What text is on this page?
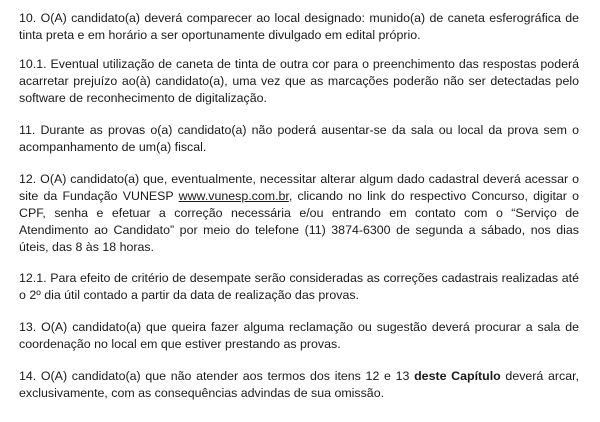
10. O(A) candidato(a) deverá comparecer ao local designado: munido(a) de caneta esferográfica de tinta preta e em horário a ser oportunamente divulgado em edital próprio.

10.1. Eventual utilização de caneta de tinta de outra cor para o preenchimento das respostas poderá acarretar prejuízo ao(à) candidato(a), uma vez que as marcações poderão não ser detectadas pelo software de reconhecimento de digitalização.

11. Durante as provas o(a) candidato(a) não poderá ausentar-se da sala ou local da prova sem o acompanhamento de um(a) fiscal.

12. O(A) candidato(a) que, eventualmente, necessitar alterar algum dado cadastral deverá acessar o site da Fundação VUNESP www.vunesp.com.br, clicando no link do respectivo Concurso, digitar o CPF, senha e efetuar a correção necessária e/ou entrando em contato com o “Serviço de Atendimento ao Candidato” por meio do telefone (11) 3874-6300 de segunda a sábado, nos dias úteis, das 8 às 18 horas.

12.1. Para efeito de critério de desempate serão consideradas as correções cadastrais realizadas até o 2º dia útil contado a partir da data de realização das provas.

13. O(A) candidato(a) que queira fazer alguma reclamação ou sugestão deverá procurar a sala de coordenação no local em que estiver prestando as provas.

14. O(A) candidato(a) que não atender aos termos dos itens 12 e 13 deste Capítulo deverá arcar, exclusivamente, com as consequências advindas de sua omissão.
